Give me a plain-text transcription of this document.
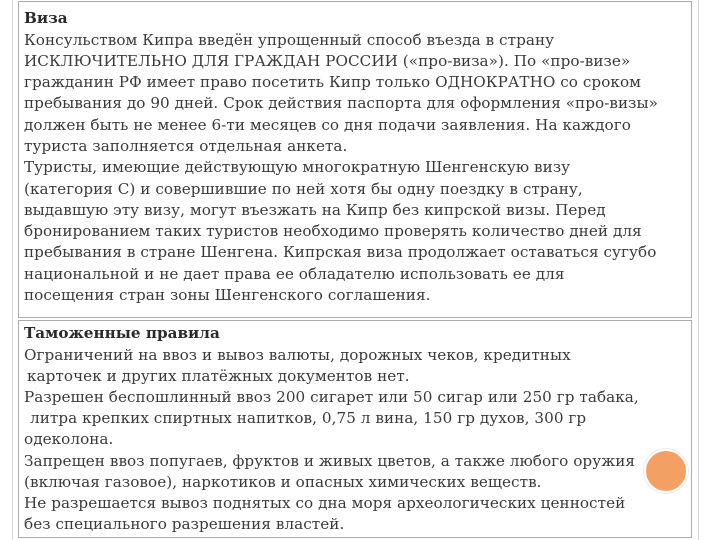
Виза
Консульством Кипра введён упрощенный способ въезда в страну
ИСКЛЮЧИТЕЛЬНО ДЛЯ ГРАЖДАН РОССИИ («про-виза»). По «про-визе»
гражданин РФ имеет право посетить Кипр только ОДНОКРАТНО со сроком
пребывания до 90 дней. Срок действия паспорта для оформления «про-визы»
должен быть не менее 6-ти месяцев со дня подачи заявления. На каждого
туриста заполняется отдельная анкета.
Туристы, имеющие действующую многократную Шенгенскую визу
(категория С) и совершившие по ней хотя бы одну поездку в страну,
выдавшую эту визу, могут въезжать на Кипр без кипрской визы. Перед
бронированием таких туристов необходимо проверять количество дней для
пребывания в стране Шенгена. Кипрская виза продолжает оставаться сугубо
национальной и не дает права ее обладателю использовать ее для
посещения стран зоны Шенгенского соглашения.
Таможенные правила
Ограничений на ввоз и вывоз валюты, дорожных чеков, кредитных
карточек и других платёжных документов нет.
Разрешен беспошлинный ввоз 200 сигарет или 50 сигар или 250 гр табака,
литра крепких спиртных напитков, 0,75 л вина, 150 гр духов, 300 гр
одеколона.
Запрещен ввоз попугаев, фруктов и живых цветов, а также любого оружия
(включая газовое), наркотиков и опасных химических веществ.
Не разрешается вывоз поднятых со дна моря археологических ценностей
без специального разрешения властей.
